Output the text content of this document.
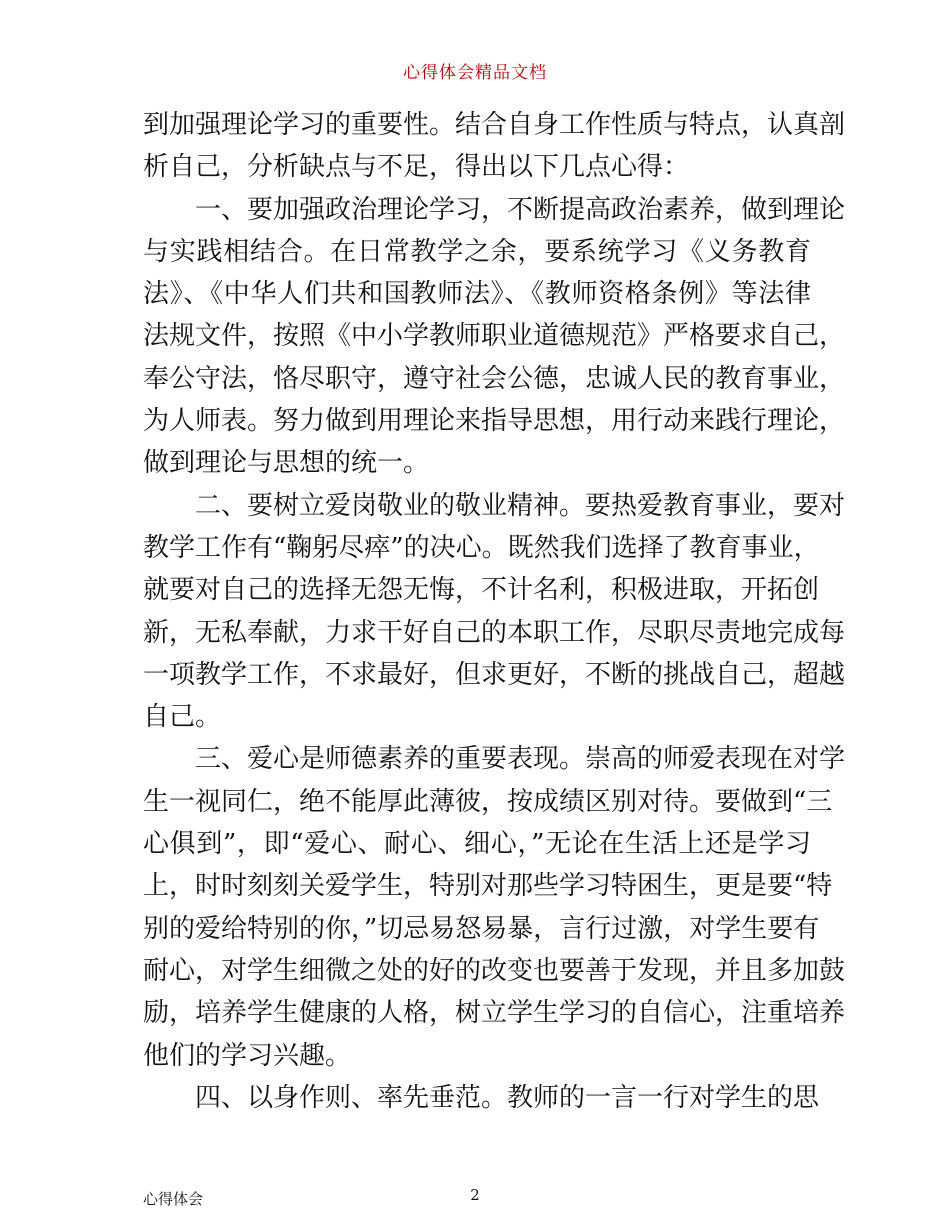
心得体会精品文档
到加强理论学习的重要性。结合自身工作性质与特点，认真剖
析自己，分析缺点与不足，得出以下几点心得：
一、要加强政治理论学习，不断提高政治素养，做到理论
与实践相结合。在日常教学之余，要系统学习《义务教育
法》、《中华人们共和国教师法》、《教师资格条例》等法律
法规文件，按照《中小学教师职业道德规范》严格要求自己，
奉公守法，恪尽职守，遵守社会公德，忠诚人民的教育事业，
为人师表。努力做到用理论来指导思想，用行动来践行理论，
做到理论与思想的统一。
二、要树立爱岗敬业的敬业精神。要热爱教育事业，要对
教学工作有“鞠躬尽瘁”的决心。既然我们选择了教育事业，
就要对自己的选择无怨无悔，不计名利，积极进取，开拓创
新，无私奉献，力求干好自己的本职工作，尽职尽责地完成每
一项教学工作，不求最好，但求更好，不断的挑战自己，超越
自己。
三、爱心是师德素养的重要表现。崇高的师爱表现在对学
生一视同仁，绝不能厚此薄彼，按成绩区别对待。要做到“三
心俱到”，即“爱心、耐心、细心，”无论在生活上还是学习
上，时时刻刻关爱学生，特别对那些学习特困生，更是要“特
别的爱给特别的你，”切忌易怒易暴，言行过激，对学生要有
耐心，对学生细微之处的好的改变也要善于发现，并且多加鼓
励，培养学生健康的人格，树立学生学习的自信心，注重培养
他们的学习兴趣。
四、以身作则、率先垂范。教师的一言一行对学生的思
心得体会	2
